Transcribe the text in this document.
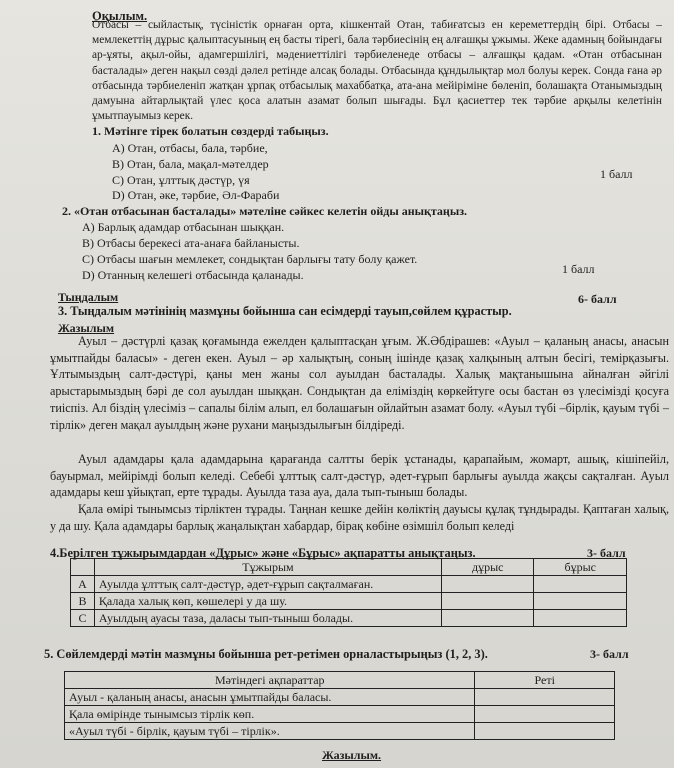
Оқылым.
Отбасы – сыйластық, түсіністік орнаған орта, кішкентай Отан, табиғатсыз ен кереметтердің бірі. Отбасы – мемлекеттің дұрыс қалыптасуының ең басты тірегі, бала тәрбиесінің ең алғашқы ұжымы. Жеке адамның бойындағы ар-ұяты, ақыл-ойы, адамгершілігі, мәдениеттілігі тәрбиеленеде отбасы – алғашқы қадам. «Отан отбасынан басталады» деген нақыл сөзді дәлел ретінде алсақ болады. Отбасында құндылықтар мол болуы керек. Сонда ғана әр отбасында тәрбиеленіп жатқан ұрпақ отбасылық махаббатқа, ата-ана мейіріміне бөленіп, болашақта Отанымыздың дамуына айтарлықтай үлес қоса алатын азамат болып шығады. Бұл қасиеттер тек тәрбие арқылы келетінін ұмытпауымыз керек.
1. Мәтінге тірек болатын сөздерді табыңыз.
A) Отан, отбасы, бала, тәрбие,
B) Отан, бала, мақал-мәтелдер
C) Отан, ұлттық дәстүр, үя
D) Отан, әке, тәрбие, Әл-Фараби
1 балл
2. «Отан отбасынан басталады» мәтеліне сәйкес келетін ойды анықтаңыз.
A) Барлық адамдар отбасынан шыққан.
B) Отбасы берекесі ата-анаға байланысты.
C) Отбасы шағын мемлекет, сондықтан барлығы тату болу қажет.
D) Отанның келешегі отбасында қаланады.	1 балл
Тыңдалым
3. Тыңдалым мәтінінің мазмұны бойынша сан есімдерді тауып,сөйлем құрастыр.
6- балл
Жазылым
Ауыл – дәстүрлі қазақ қоғамында ежелден қалыптасқан ұғым. Ж.Әбдірашев: «Ауыл – қаланың анасы, анасын ұмытпайды баласы» - деген екен. Ауыл – әр халықтың, соның ішінде қазақ халқының алтын бесігі, темірқазығы. Ұлтымыздың салт-дәстүрі, қаны мен жаны сол ауылдан басталады. Халық мақтанышына айналған әйгілі арыстарымыздың бәрі де сол ауылдан шыққан. Сондықтан да еліміздің көркейтуге осы бастан өз үлесімізді қосуға тиіспіз. Ал біздің үлесіміз – сапалы білім алып, ел болашағын ойлайтын азамат болу. «Ауыл түбі –бірлік, қауым түбі – тірлік» деген мақал ауылдың және рухани маңыздылығын білдіреді.
Ауыл адамдары қала адамдарына қарағанда салтты берік ұстанады, қарапайым, жомарт, ашық, кішіпейіл, бауырмал, мейірімді болып келеді. Себебі ұлттық салт-дәстүр, әдет-ғұрып барлығы ауылда жақсы сақталған. Ауыл адамдары кеш ұйықтап, ерте тұрады. Ауылда таза ауа, дала тып-тыныш болады.
Қала өмірі тынымсыз тірліктен тұрады. Таңнан кешке дейін көліктің дауысы құлақ тұндырады. Қаптаған халық, у да шу. Қала адамдары барлық жаңалықтан хабардар, бірақ көбіне өзімшіл болып келеді
4.Берілген тұжырымдардан «Дұрыс» және «Бұрыс» ақпаратты анықтаңыз.	3- балл
	Тұжырым	дұрыс	бұрыс
A	Ауылда ұлттық салт-дәстүр, әдет-ғұрып сақталмаған.		
B	Қалада халық көп, көшелері у да шу.		
C	Ауылдың ауасы таза, даласы тып-тыныш болады.		
5. Сөйлемдерді мәтін мазмұны бойынша рет-ретімен орналастырыңыз (1, 2, 3).	3- балл
Мәтіндегі ақпараттар	Реті
Ауыл - қаланың анасы, анасын ұмытпайды баласы.	
Қала өмірінде тынымсыз тірлік көп.	
«Ауыл түбі - бірлік, қауым түбі – тірлік».	
Жазылым.
